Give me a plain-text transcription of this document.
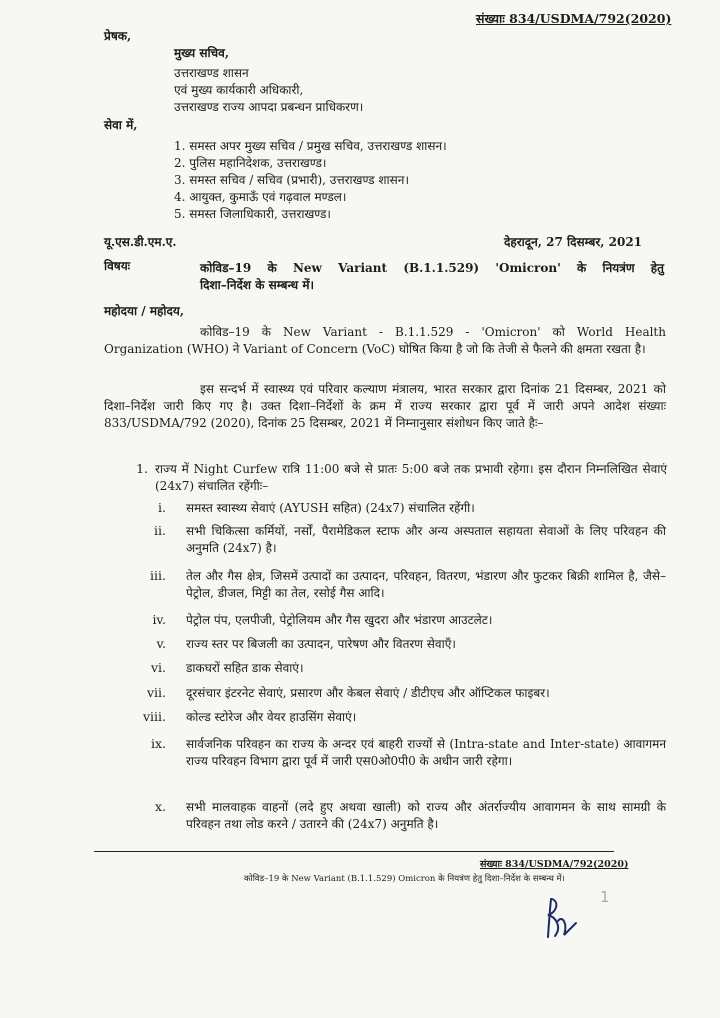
संख्याः 834/USDMA/792(2020)
प्रेषक,
मुख्य सचिव,
उत्तराखण्ड शासन
एवं मुख्य कार्यकारी अधिकारी,
उत्तराखण्ड राज्य आपदा प्रबन्धन प्राधिकरण।
सेवा में,
1. समस्त अपर मुख्य सचिव / प्रमुख सचिव, उत्तराखण्ड शासन।
2. पुलिस महानिदेशक, उत्तराखण्ड।
3. समस्त सचिव / सचिव (प्रभारी), उत्तराखण्ड शासन।
4. आयुक्त, कुमाऊँ एवं गढ़वाल मण्डल।
5. समस्त जिलाधिकारी, उत्तराखण्ड।
यू.एस.डी.एम.ए.	देहरादून, 27 दिसम्बर, 2021
विषयः	कोविड–19 के New Variant (B.1.1.529) 'Omicron' के नियत्रंण हेतु
दिशा–निर्देश के सम्बन्ध में।
महोदया / महोदय,
कोविड–19 के New Variant - B.1.1.529 - 'Omicron' को World Health Organization (WHO) ने Variant of Concern (VoC) घोषित किया है जो कि तेजी से फैलने की क्षमता रखता है।
इस सन्दर्भ में स्वास्थ्य एवं परिवार कल्याण मंत्रालय, भारत सरकार द्वारा दिनांक 21 दिसम्बर, 2021 को दिशा–निर्देश जारी किए गए है। उक्त दिशा–निर्देशों के क्रम में राज्य सरकार द्वारा पूर्व में जारी अपने आदेश संख्याः 833/USDMA/792 (2020), दिनांक 25 दिसम्बर, 2021 में निम्नानुसार संशोधन किए जाते हैः–
1. राज्य में Night Curfew रात्रि 11:00 बजे से प्रातः 5:00 बजे तक प्रभावी रहेगा। इस दौरान निम्नलिखित सेवाएं (24x7) संचालित रहेंगीः–
i. समस्त स्वास्थ्य सेवाएं (AYUSH सहित) (24x7) संचालित रहेंगी।
ii. सभी चिकित्सा कर्मियों, नर्सों, पैरामेडिकल स्टाफ और अन्य अस्पताल सहायता सेवाओं के लिए परिवहन की अनुमति (24x7) है।
iii. तेल और गैस क्षेत्र, जिसमें उत्पादों का उत्पादन, परिवहन, वितरण, भंडारण और फुटकर बिक्री शामिल है, जैसे–पेट्रोल, डीजल, मिट्टी का तेल, रसोई गैस आदि।
iv. पेट्रोल पंप, एलपीजी, पेट्रोलियम और गैस खुदरा और भंडारण आउटलेट।
v. राज्य स्तर पर बिजली का उत्पादन, पारेषण और वितरण सेवाएँ।
vi. डाकघरों सहित डाक सेवाएं।
vii. दूरसंचार इंटरनेट सेवाएं, प्रसारण और केबल सेवाएं / डीटीएच और ऑप्टिकल फाइबर।
viii. कोल्ड स्टोरेज और वेयर हाउसिंग सेवाएं।
ix. सार्वजनिक परिवहन का राज्य के अन्दर एवं बाहरी राज्यों से (Intra-state and Inter-state) आवागमन राज्य परिवहन विभाग द्वारा पूर्व में जारी एस0ओ0पी0 के अधीन जारी रहेगा।
x. सभी मालवाहक वाहनों (लदे हुए अथवा खाली) को राज्य और अंतर्राज्यीय आवागमन के साथ सामग्री के परिवहन तथा लोड करने / उतारने की (24x7) अनुमति है।
संख्याः 834/USDMA/792(2020)
कोविड–19 के New Variant (B.1.1.529) Omicron के नियत्रंण हेतु दिशा–निर्देश के सम्बन्ध में।
1
